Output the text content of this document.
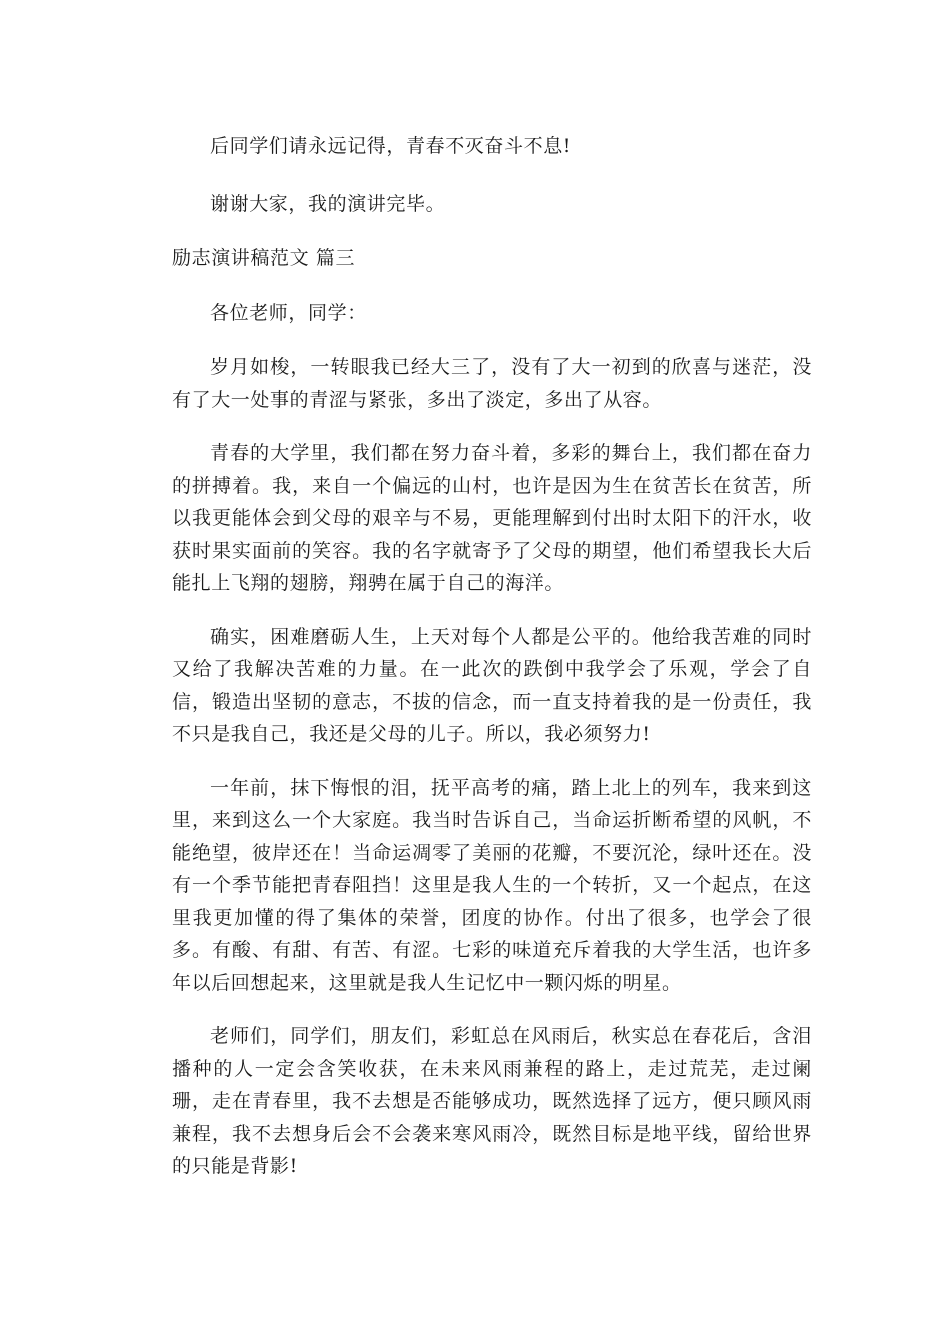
后同学们请永远记得，青春不灭奋斗不息!

谢谢大家，我的演讲完毕。

励志演讲稿范文 篇三

各位老师，同学：

岁月如梭，一转眼我已经大三了，没有了大一初到的欣喜与迷茫，没有了大一处事的青涩与紧张，多出了淡定，多出了从容。

青春的大学里，我们都在努力奋斗着，多彩的舞台上，我们都在奋力的拼搏着。我，来自一个偏远的山村，也许是因为生在贫苦长在贫苦，所以我更能体会到父母的艰辛与不易，更能理解到付出时太阳下的汗水，收获时果实面前的笑容。我的名字就寄予了父母的期望，他们希望我长大后能扎上飞翔的翅膀，翔骋在属于自己的海洋。

确实，困难磨砺人生，上天对每个人都是公平的。他给我苦难的同时又给了我解决苦难的力量。在一此次的跌倒中我学会了乐观，学会了自信，锻造出坚韧的意志，不拔的信念，而一直支持着我的是一份责任，我不只是我自己，我还是父母的儿子。所以，我必须努力!

一年前，抹下悔恨的泪，抚平高考的痛，踏上北上的列车，我来到这里，来到这么一个大家庭。我当时告诉自己，当命运折断希望的风帆，不能绝望，彼岸还在！当命运凋零了美丽的花瓣，不要沉沦，绿叶还在。没有一个季节能把青春阻挡！这里是我人生的一个转折，又一个起点，在这里我更加懂的得了集体的荣誉，团度的协作。付出了很多，也学会了很多。有酸、有甜、有苦、有涩。七彩的味道充斥着我的大学生活，也许多年以后回想起来，这里就是我人生记忆中一颗闪烁的明星。

老师们，同学们，朋友们，彩虹总在风雨后，秋实总在春花后，含泪播种的人一定会含笑收获，在未来风雨兼程的路上，走过荒芜，走过阑珊，走在青春里，我不去想是否能够成功，既然选择了远方，便只顾风雨兼程，我不去想身后会不会袭来寒风雨冷，既然目标是地平线，留给世界的只能是背影!
